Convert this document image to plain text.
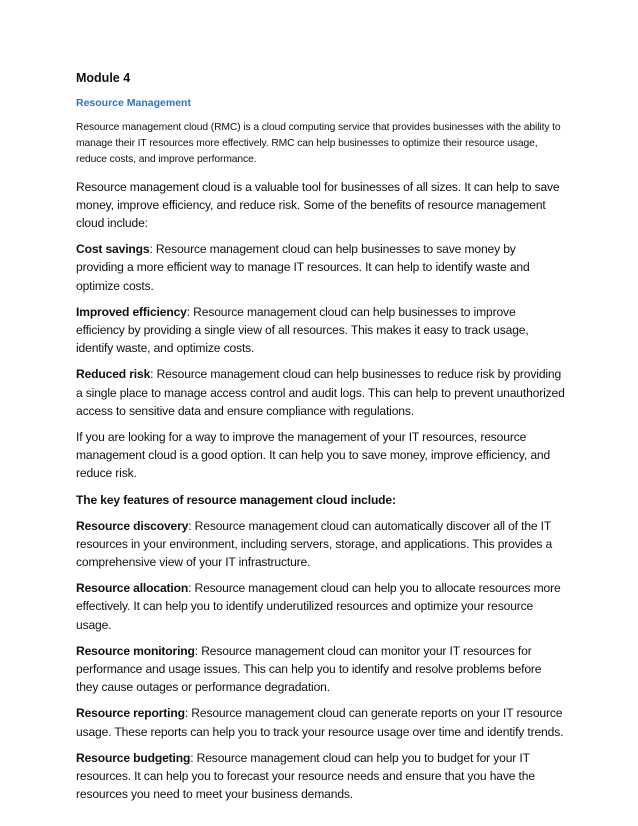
Module 4
Resource Management

Resource management cloud (RMC) is a cloud computing service that provides businesses with the ability to manage their IT resources more effectively. RMC can help businesses to optimize their resource usage, reduce costs, and improve performance.

Resource management cloud is a valuable tool for businesses of all sizes. It can help to save money, improve efficiency, and reduce risk. Some of the benefits of resource management cloud include:

Cost savings: Resource management cloud can help businesses to save money by providing a more efficient way to manage IT resources. It can help to identify waste and optimize costs.

Improved efficiency: Resource management cloud can help businesses to improve efficiency by providing a single view of all resources. This makes it easy to track usage, identify waste, and optimize costs.

Reduced risk: Resource management cloud can help businesses to reduce risk by providing a single place to manage access control and audit logs. This can help to prevent unauthorized access to sensitive data and ensure compliance with regulations.

If you are looking for a way to improve the management of your IT resources, resource management cloud is a good option. It can help you to save money, improve efficiency, and reduce risk.

The key features of resource management cloud include:

Resource discovery: Resource management cloud can automatically discover all of the IT resources in your environment, including servers, storage, and applications. This provides a comprehensive view of your IT infrastructure.

Resource allocation: Resource management cloud can help you to allocate resources more effectively. It can help you to identify underutilized resources and optimize your resource usage.

Resource monitoring: Resource management cloud can monitor your IT resources for performance and usage issues. This can help you to identify and resolve problems before they cause outages or performance degradation.

Resource reporting: Resource management cloud can generate reports on your IT resource usage. These reports can help you to track your resource usage over time and identify trends.

Resource budgeting: Resource management cloud can help you to budget for your IT resources. It can help you to forecast your resource needs and ensure that you have the resources you need to meet your business demands.
